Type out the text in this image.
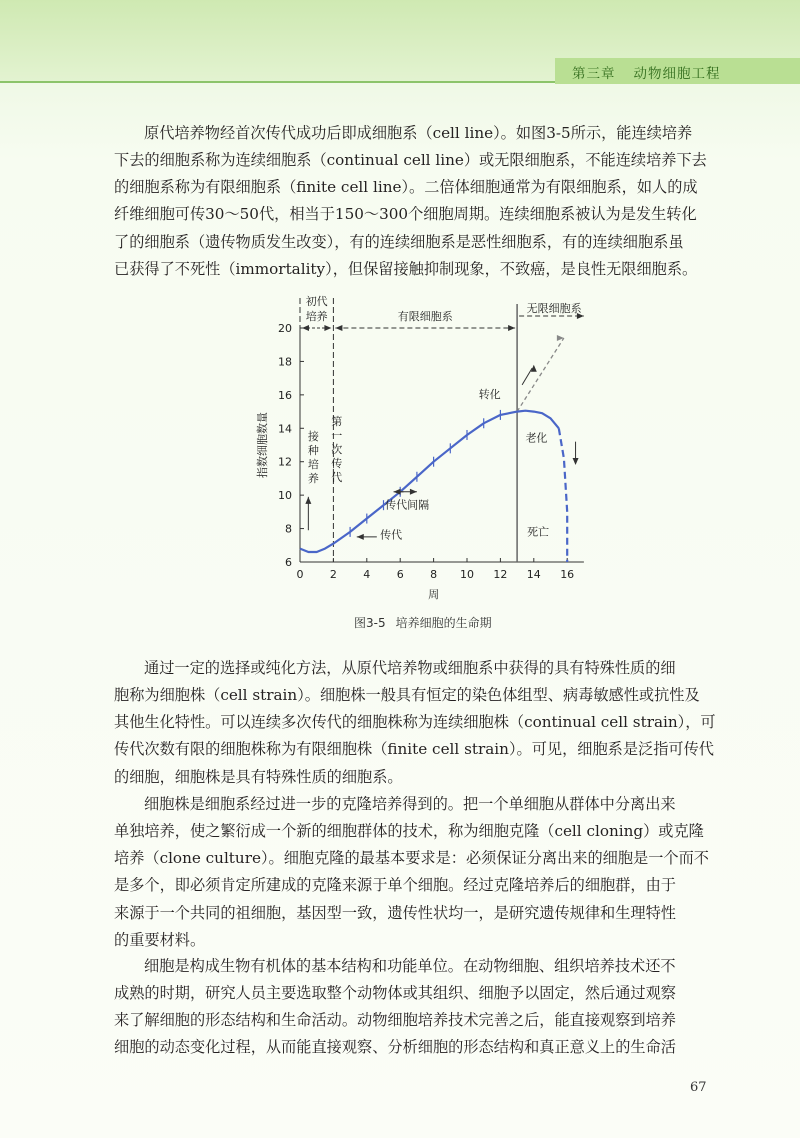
第三章 动物细胞工程

原代培养物经首次传代成功后即成细胞系（cell line）。如图3-5所示，能连续培养

下去的细胞系称为连续细胞系（continual cell line）或无限细胞系，不能连续培养下去
的细胞系称为有限细胞系（finite cell line）。二倍体细胞通常为有限细胞系，如人的成
纤维细胞可传30～50代，相当于150～300个细胞周期。连续细胞系被认为是发生转化
了的细胞系（遗传物质发生改变），有的连续细胞系是恶性细胞系，有的连续细胞系虽
已获得了不死性（immortality），但保留接触抑制现象，不致癌，是良性无限细胞系。

0 2 4 6 8 10 12 14 16
6
8
10
12
14
16
18
20
周
指数细胞数量
初代
培养	有限细胞系
无限细胞系
接
种
培
养
第
一
次
传
代
传代间隔
传代
转化
老化
死亡
图3-5 培养细胞的生命期

通过一定的选择或纯化方法，从原代培养物或细胞系中获得的具有特殊性质的细

胞称为细胞株（cell strain）。细胞株一般具有恒定的染色体组型、病毒敏感性或抗性及
其他生化特性。可以连续多次传代的细胞株称为连续细胞株（continual cell strain），可
传代次数有限的细胞株称为有限细胞株（finite cell strain）。可见，细胞系是泛指可传代
的细胞，细胞株是具有特殊性质的细胞系。

细胞株是细胞系经过进一步的克隆培养得到的。把一个单细胞从群体中分离出来

单独培养，使之繁衍成一个新的细胞群体的技术，称为细胞克隆（cell cloning）或克隆
培养（clone culture）。细胞克隆的最基本要求是：必须保证分离出来的细胞是一个而不
是多个，即必须肯定所建成的克隆来源于单个细胞。经过克隆培养后的细胞群，由于
来源于一个共同的祖细胞，基因型一致，遗传性状均一，是研究遗传规律和生理特性
的重要材料。

细胞是构成生物有机体的基本结构和功能单位。在动物细胞、组织培养技术还不

成熟的时期，研究人员主要选取整个动物体或其组织、细胞予以固定，然后通过观察
来了解细胞的形态结构和生命活动。动物细胞培养技术完善之后，能直接观察到培养
细胞的动态变化过程，从而能直接观察、分析细胞的形态结构和真正意义上的生命活

67
